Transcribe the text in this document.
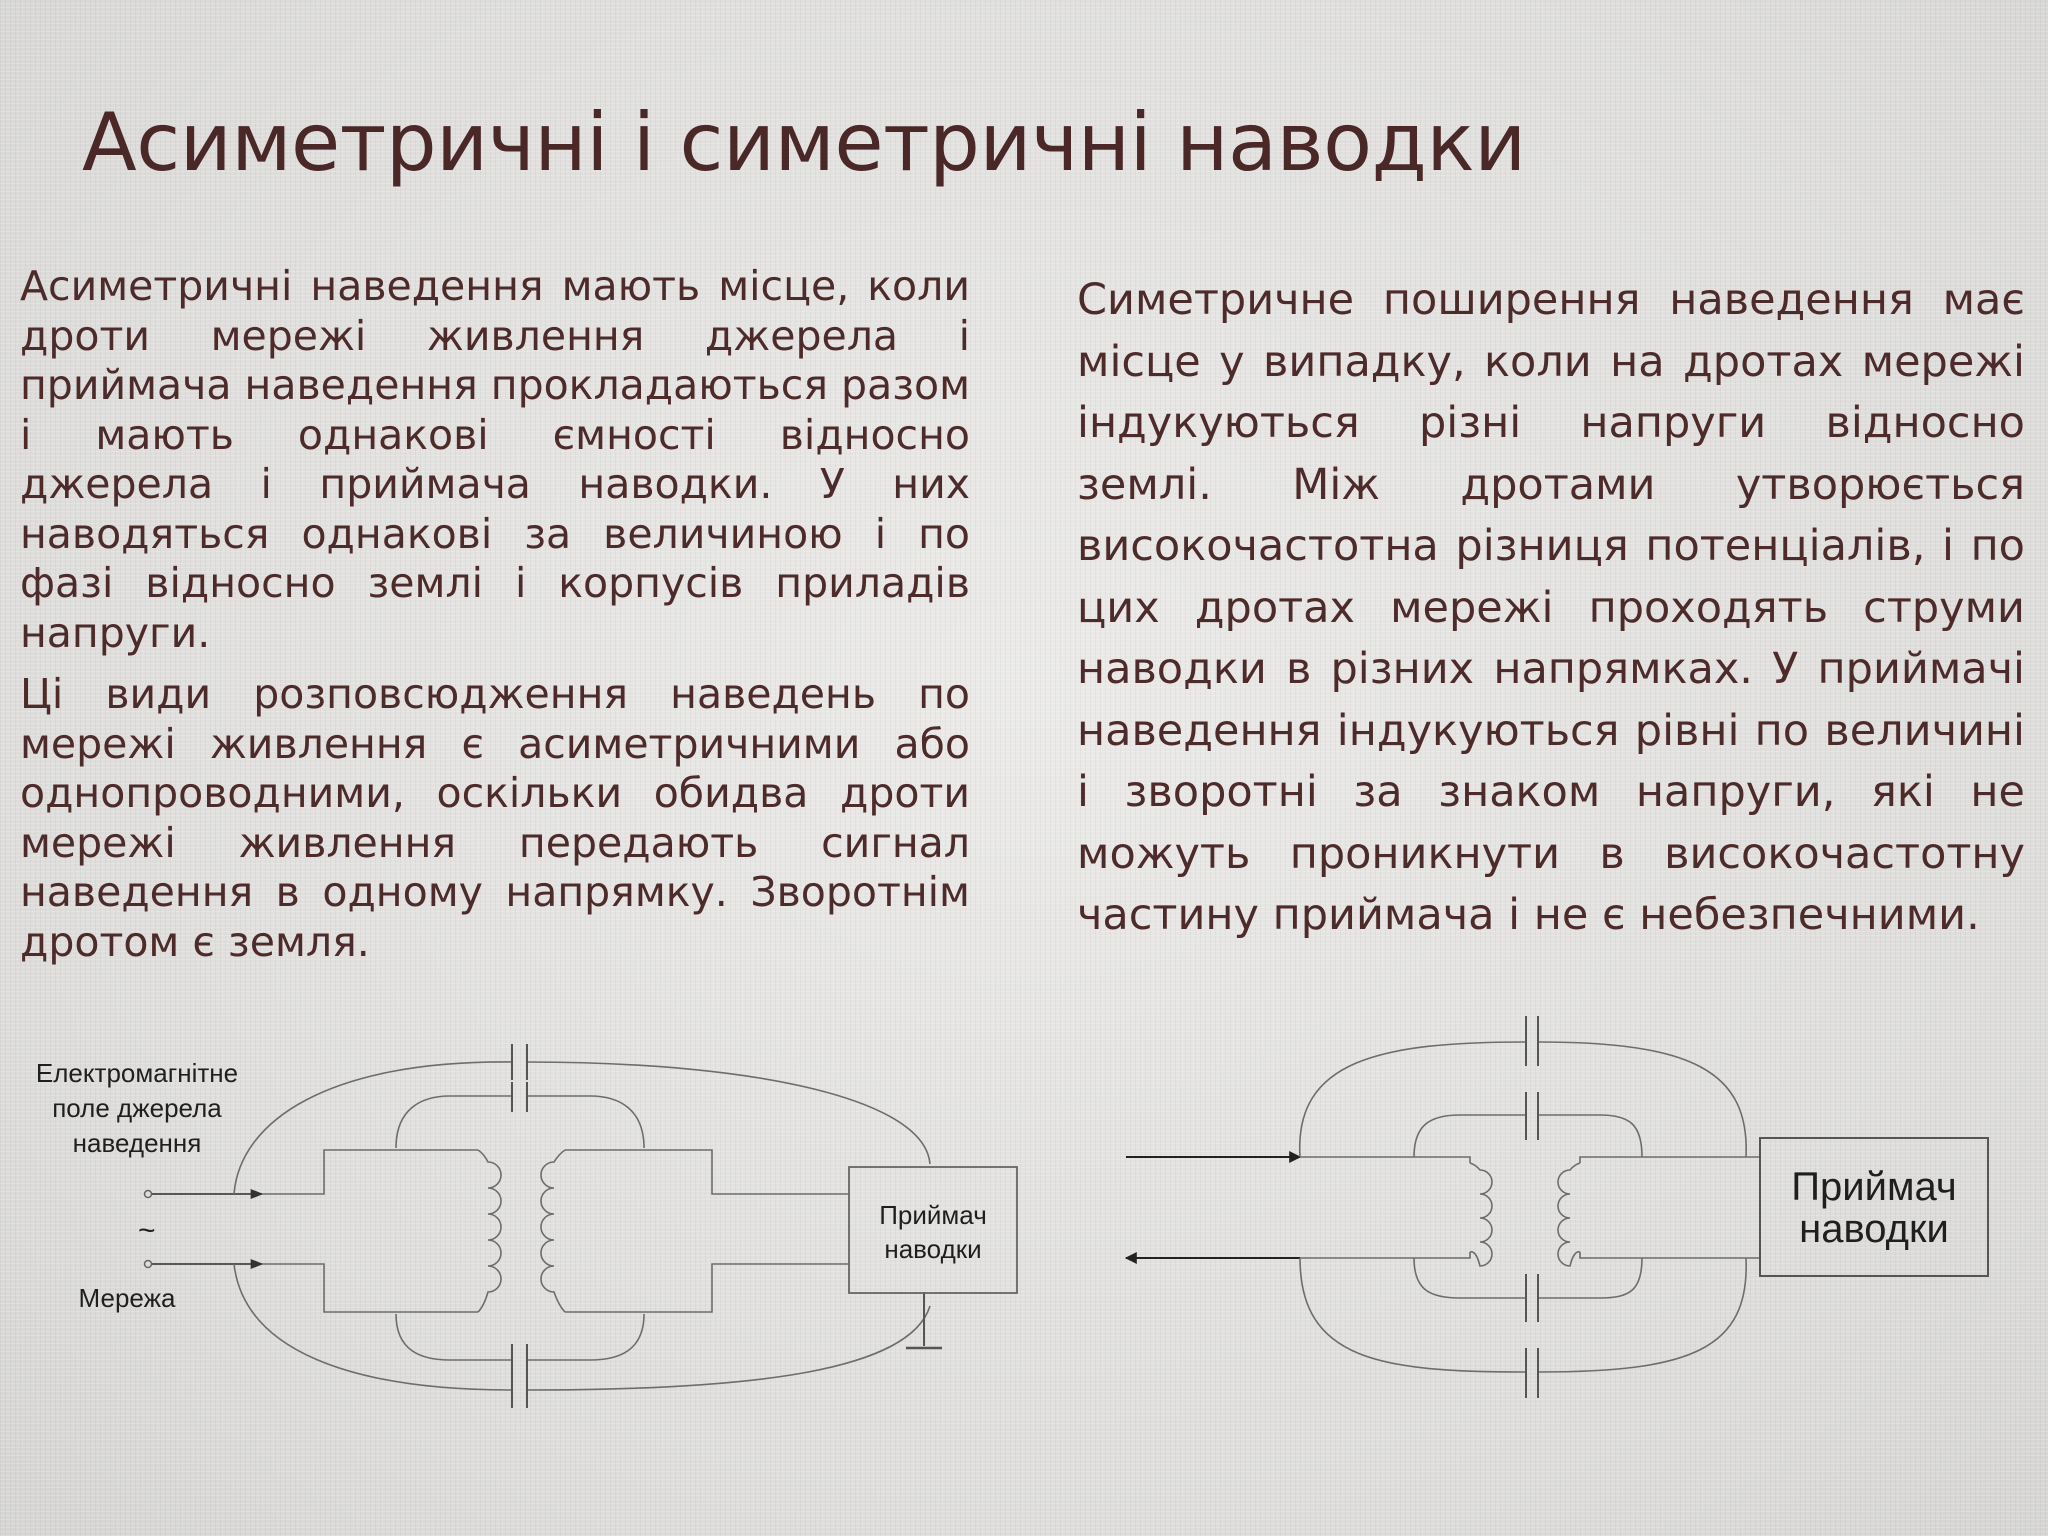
Асиметричні і симетричні наводки

Асиметричні наведення мають місце, коли дроти мережі живлення джерела і приймача наведення прокладаються разом і мають однакові ємності відносно джерела і приймача наводки. У них наводяться однакові за величиною і по фазі відносно землі і корпусів приладів напруги.

Ці види розповсюдження наведень по мережі живлення є асиметричними або однопроводними, оскільки обидва дроти мережі живлення передають сигнал наведення в одному напрямку. Зворотнім дротом є земля.

Симетричне поширення наведення має місце у випадку, коли на дротах мережі індукуються різні напруги відносно землі. Між дротами утворюється високочастотна різниця потенціалів, і по цих дротах мережі проходять струми наводки в різних напрямках. У приймачі наведення індукуються рівні по величині і зворотні за знаком напруги, які не можуть проникнути в високочастотну частину приймача і не є небезпечними.

Електромагнітне
поле джерела
наведення
Мережа
~	Приймач
наводки
Приймач
наводки
